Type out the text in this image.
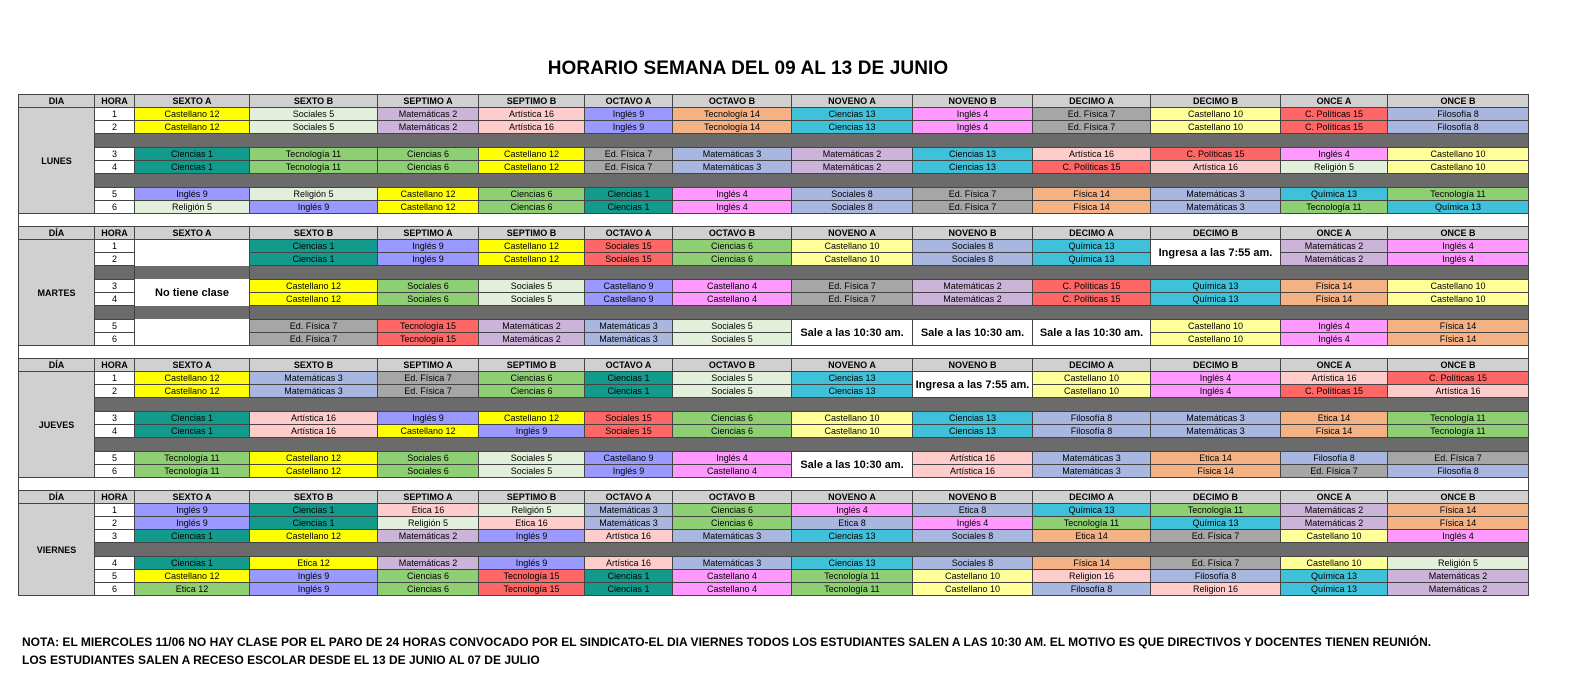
HORARIO SEMANA DEL 09 AL 13 DE JUNIO
DIA	HORA	SEXTO A	SEXTO B	SEPTIMO A	SEPTIMO B	OCTAVO A	OCTAVO B	NOVENO A	NOVENO B	DECIMO A	DECIMO B	ONCE A	ONCE B
LUNES	1	Castellano 12	Sociales 5	Matemáticas 2	Artística 16	Inglés 9	Tecnología 14	Ciencias 13	Inglés 4	Ed. Física 7	Castellano 10	C. Políticas 15	Filosofía 8
	2	Castellano 12	Sociales 5	Matemáticas 2	Artística 16	Inglés 9	Tecnología 14	Ciencias 13	Inglés 4	Ed. Física 7	Castellano 10	C. Políticas 15	Filosofía 8

	3	Ciencias 1	Tecnología 11	Ciencias 6	Castellano 12	Ed. Física 7	Matemáticas 3	Matemáticas 2	Ciencias 13	Artística 16	C. Políticas 15	Inglés 4	Castellano 10
	4	Ciencias 1	Tecnología 11	Ciencias 6	Castellano 12	Ed. Física 7	Matemáticas 3	Matemáticas 2	Ciencias 13	C. Políticas 15	Artística 16	Religión 5	Castellano 10

	5	Inglés 9	Religión 5	Castellano 12	Ciencias 6	Ciencias 1	Inglés 4	Sociales 8	Ed. Física 7	Física 14	Matemáticas 3	Química 13	Tecnología 11
	6	Religión 5	Inglés 9	Castellano 12	Ciencias 6	Ciencias 1	Inglés 4	Sociales 8	Ed. Física 7	Física 14	Matemáticas 3	Tecnología 11	Química 13

DÍA	HORA	SEXTO A	SEXTO B	SEPTIMO A	SEPTIMO B	OCTAVO A	OCTAVO B	NOVENO A	NOVENO B	DECIMO A	DECIMO B	ONCE A	ONCE B
MARTES	1	No tiene clase	Ciencias 1	Inglés 9	Castellano 12	Sociales 15	Ciencias 6	Castellano 10	Sociales 8	Química 13	Ingresa a las 7:55 am.	Matemáticas 2	Inglés 4
	2		Ciencias 1	Inglés 9	Castellano 12	Sociales 15	Ciencias 6	Castellano 10	Sociales 8	Química 13		Matemáticas 2	Inglés 4

	3		Castellano 12	Sociales 6	Sociales 5	Castellano 9	Castellano 4	Ed. Física 7	Matemáticas 2	C. Políticas 15	Química 13	Física 14	Castellano 10
	4		Castellano 12	Sociales 6	Sociales 5	Castellano 9	Castellano 4	Ed. Física 7	Matemáticas 2	C. Políticas 15	Química 13	Física 14	Castellano 10

	5		Ed. Física 7	Tecnología 15	Matemáticas 2	Matemáticas 3	Sociales 5	Sale a las 10:30 am.	Sale a las 10:30 am.	Sale a las 10:30 am.	Castellano 10	Inglés 4	Física 14
	6		Ed. Física 7	Tecnología 15	Matemáticas 2	Matemáticas 3	Sociales 5				Castellano 10	Inglés 4	Física 14

DÍA	HORA	SEXTO A	SEXTO B	SEPTIMO A	SEPTIMO B	OCTAVO A	OCTAVO B	NOVENO A	NOVENO B	DECIMO A	DECIMO B	ONCE A	ONCE B
JUEVES	1	Castellano 12	Matemáticas 3	Ed. Física 7	Ciencias 6	Ciencias 1	Sociales 5	Ciencias 13	Ingresa a las 7:55 am.	Castellano 10	Inglés 4	Artística 16	C. Políticas 15
	2	Castellano 12	Matemáticas 3	Ed. Física 7	Ciencias 6	Ciencias 1	Sociales 5	Ciencias 13		Castellano 10	Inglés 4	C. Políticas 15	Artística 16

	3	Ciencias 1	Artística 16	Inglés 9	Castellano 12	Sociales 15	Ciencias 6	Castellano 10	Ciencias 13	Filosofía 8	Matemáticas 3	Etica 14	Tecnología 11
	4	Ciencias 1	Artística 16	Castellano 12	Inglés 9	Sociales 15	Ciencias 6	Castellano 10	Ciencias 13	Filosofía 8	Matemáticas 3	Física 14	Tecnología 11

	5	Tecnología 11	Castellano 12	Sociales 6	Sociales 5	Castellano 9	Inglés 4	Sale a las 10:30 am.	Artística 16	Matemáticas 3	Etica 14	Filosofía 8	Ed. Física 7
	6	Tecnología 11	Castellano 12	Sociales 6	Sociales 5	Inglés 9	Castellano 4		Artística 16	Matemáticas 3	Física 14	Ed. Física 7	Filosofía 8

DÍA	HORA	SEXTO A	SEXTO B	SEPTIMO A	SEPTIMO B	OCTAVO A	OCTAVO B	NOVENO A	NOVENO B	DECIMO A	DECIMO B	ONCE A	ONCE B
VIERNES	1	Inglés 9	Ciencias 1	Etica 16	Religión 5	Matemáticas 3	Ciencias 6	Inglés 4	Etica 8	Química 13	Tecnología 11	Matemáticas 2	Física 14
	2	Inglés 9	Ciencias 1	Religión 5	Etica 16	Matemáticas 3	Ciencias 6	Etica 8	Inglés 4	Tecnología 11	Química 13	Matemáticas 2	Física 14
	3	Ciencias 1	Castellano 12	Matemáticas 2	Inglés 9	Artística 16	Matemáticas 3	Ciencias 13	Sociales 8	Etica 14	Ed. Física 7	Castellano 10	Inglés 4

	4	Ciencias 1	Etica 12	Matemáticas 2	Inglés 9	Artística 16	Matemáticas 3	Ciencias 13	Sociales 8	Física 14	Ed. Física 7	Castellano 10	Religión 5
	5	Castellano 12	Inglés 9	Ciencias 6	Tecnología 15	Ciencias 1	Castellano 4	Tecnología 11	Castellano 10	Religion 16	Filosofía 8	Química 13	Matemáticas 2
	6	Etica 12	Inglés 9	Ciencias 6	Tecnología 15	Ciencias 1	Castellano 4	Tecnología 11	Castellano 10	Filosofía 8	Religion 16	Química 13	Matemáticas 2
NOTA: EL MIERCOLES 11/06 NO HAY CLASE POR EL PARO DE 24 HORAS CONVOCADO POR EL SINDICATO-EL DIA VIERNES TODOS LOS ESTUDIANTES SALEN A LAS 10:30 AM. EL MOTIVO ES QUE DIRECTIVOS Y DOCENTES TIENEN REUNIÓN.
LOS ESTUDIANTES SALEN A RECESO ESCOLAR DESDE EL 13 DE JUNIO AL 07 DE JULIO
